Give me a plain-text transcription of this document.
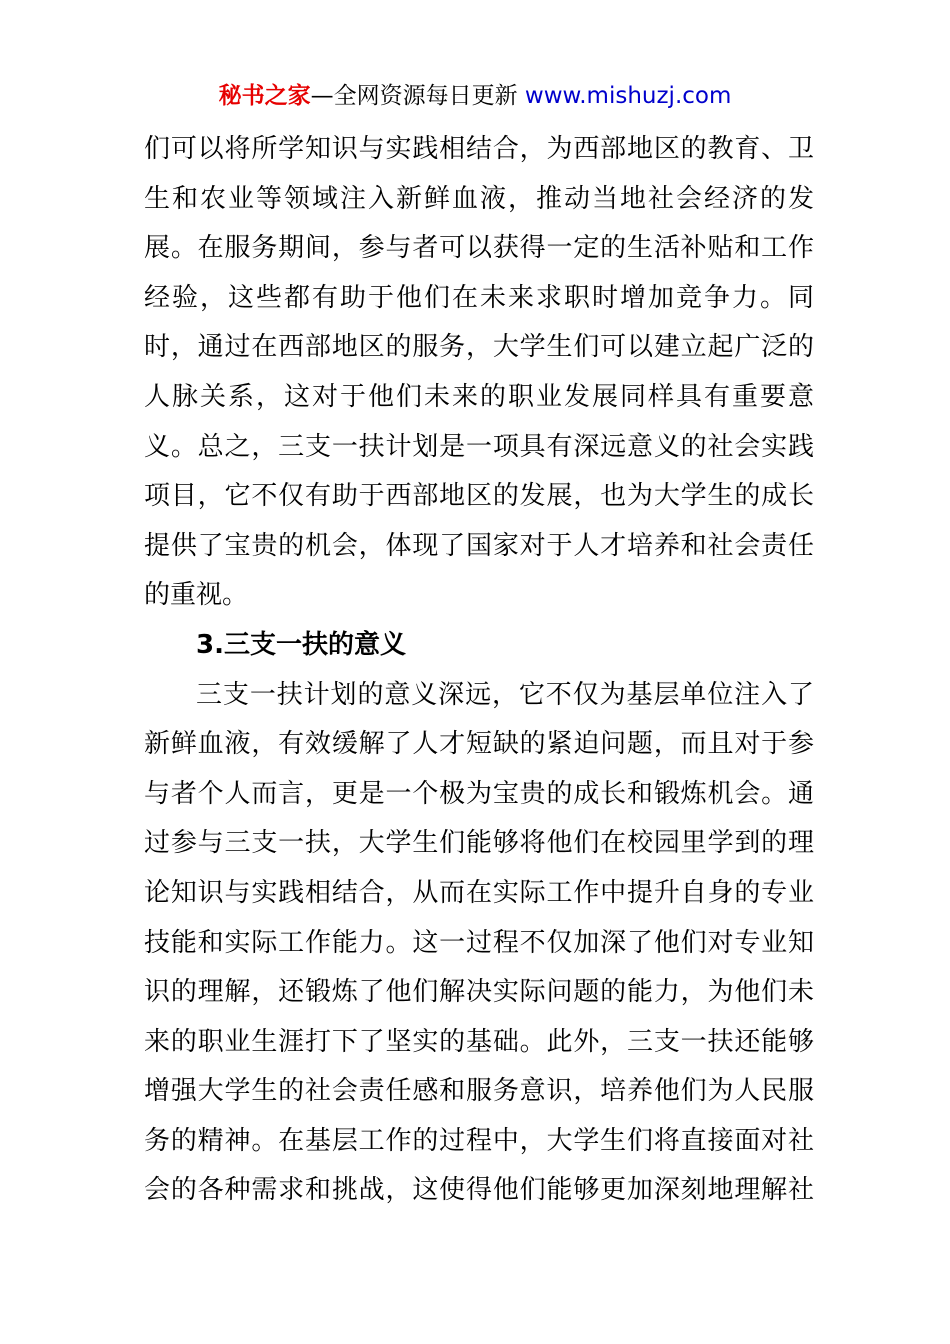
秘书之家—全网资源每日更新 www.mishuzj.com
们可以将所学知识与实践相结合，为西部地区的教育、卫
生和农业等领域注入新鲜血液，推动当地社会经济的发
展。在服务期间，参与者可以获得一定的生活补贴和工作
经验，这些都有助于他们在未来求职时增加竞争力。同
时，通过在西部地区的服务，大学生们可以建立起广泛的
人脉关系，这对于他们未来的职业发展同样具有重要意
义。总之，三支一扶计划是一项具有深远意义的社会实践
项目，它不仅有助于西部地区的发展，也为大学生的成长
提供了宝贵的机会，体现了国家对于人才培养和社会责任
的重视。
3.三支一扶的意义
三支一扶计划的意义深远，它不仅为基层单位注入了
新鲜血液，有效缓解了人才短缺的紧迫问题，而且对于参
与者个人而言，更是一个极为宝贵的成长和锻炼机会。通
过参与三支一扶，大学生们能够将他们在校园里学到的理
论知识与实践相结合，从而在实际工作中提升自身的专业
技能和实际工作能力。这一过程不仅加深了他们对专业知
识的理解，还锻炼了他们解决实际问题的能力，为他们未
来的职业生涯打下了坚实的基础。此外，三支一扶还能够
增强大学生的社会责任感和服务意识，培养他们为人民服
务的精神。在基层工作的过程中，大学生们将直接面对社
会的各种需求和挑战，这使得他们能够更加深刻地理解社
